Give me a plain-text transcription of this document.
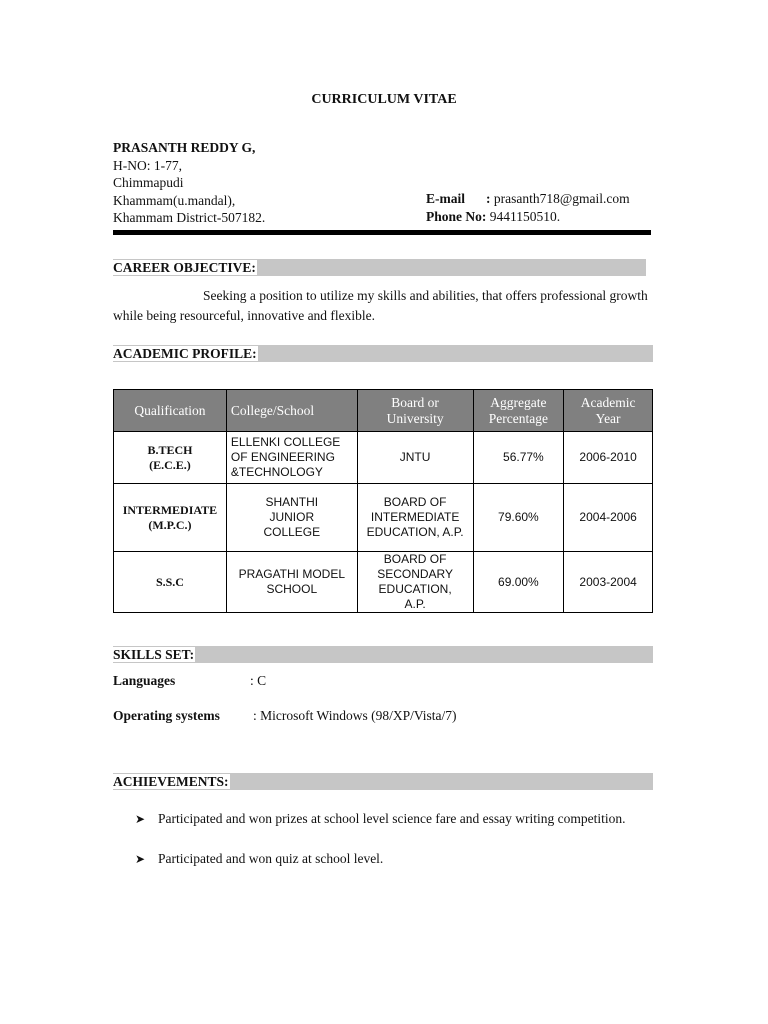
CURRICULUM VITAE
PRASANTH REDDY G,
H-NO: 1-77,
Chimmapudi
Khammam(u.mandal),
Khammam District-507182.
E-mail : prasanth718@gmail.com
Phone No: 9441150510.
CAREER OBJECTIVE:
Seeking a position to utilize my skills and abilities, that offers professional growth while being resourceful, innovative and flexible.
ACADEMIC PROFILE:
Qualification	College/School	Board or University	Aggregate Percentage	Academic Year
B.TECH (E.C.E.)	ELLENKI COLLEGE OF ENGINEERING &TECHNOLOGY	JNTU	56.77%	2006-2010
INTERMEDIATE (M.P.C.)	SHANTHI JUNIOR COLLEGE	BOARD OF INTERMEDIATE EDUCATION, A.P.	79.60%	2004-2006
S.S.C	PRAGATHI MODEL SCHOOL	BOARD OF SECONDARY EDUCATION, A.P.	69.00%	2003-2004
SKILLS SET:
Languages	: C
Operating systems : Microsoft Windows (98/XP/Vista/7)
ACHIEVEMENTS:
➤ Participated and won prizes at school level science fare and essay writing competition.
➤ Participated and won quiz at school level.
